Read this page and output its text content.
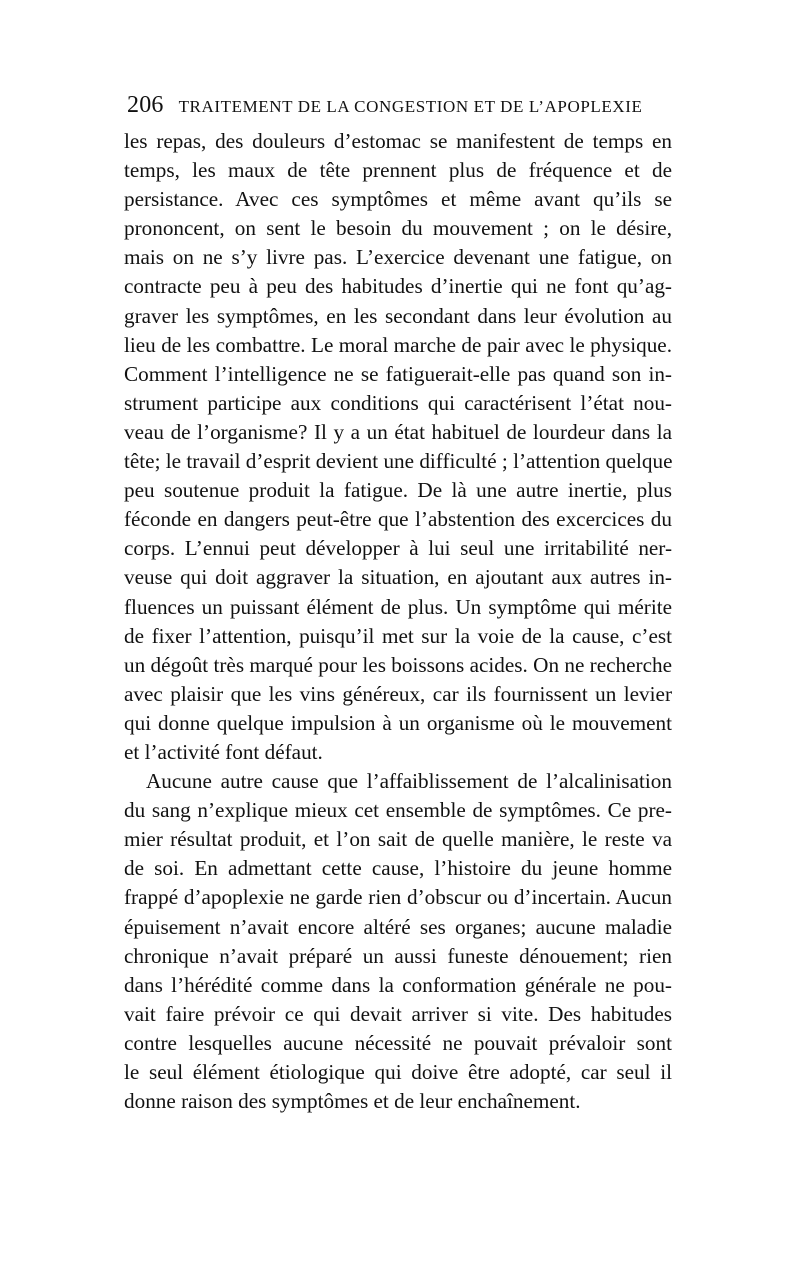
206 TRAITEMENT DE LA CONGESTION ET DE L’APOPLEXIE
les repas, des douleurs d’estomac se manifestent de temps en
temps, les maux de tête prennent plus de fréquence et de
persistance. Avec ces symptômes et même avant qu’ils se
prononcent, on sent le besoin du mouvement ; on le désire,
mais on ne s’y livre pas. L’exercice devenant une fatigue, on
contracte peu à peu des habitudes d’inertie qui ne font qu’ag-
graver les symptômes, en les secondant dans leur évolution au
lieu de les combattre. Le moral marche de pair avec le physique.
Comment l’intelligence ne se fatiguerait-elle pas quand son in-
strument participe aux conditions qui caractérisent l’état nou-
veau de l’organisme? Il y a un état habituel de lourdeur dans la
tête; le travail d’esprit devient une difficulté ; l’attention quelque
peu soutenue produit la fatigue. De là une autre inertie, plus
féconde en dangers peut-être que l’abstention des excercices du
corps. L’ennui peut développer à lui seul une irritabilité ner-
veuse qui doit aggraver la situation, en ajoutant aux autres in-
fluences un puissant élément de plus. Un symptôme qui mérite
de fixer l’attention, puisqu’il met sur la voie de la cause, c’est
un dégoût très marqué pour les boissons acides. On ne recherche
avec plaisir que les vins généreux, car ils fournissent un levier
qui donne quelque impulsion à un organisme où le mouvement
et l’activité font défaut.
Aucune autre cause que l’affaiblissement de l’alcalinisation
du sang n’explique mieux cet ensemble de symptômes. Ce pre-
mier résultat produit, et l’on sait de quelle manière, le reste va
de soi. En admettant cette cause, l’histoire du jeune homme
frappé d’apoplexie ne garde rien d’obscur ou d’incertain. Aucun
épuisement n’avait encore altéré ses organes; aucune maladie
chronique n’avait préparé un aussi funeste dénouement; rien
dans l’hérédité comme dans la conformation générale ne pou-
vait faire prévoir ce qui devait arriver si vite. Des habitudes
contre lesquelles aucune nécessité ne pouvait prévaloir sont
le seul élément étiologique qui doive être adopté, car seul il
donne raison des symptômes et de leur enchaînement.
